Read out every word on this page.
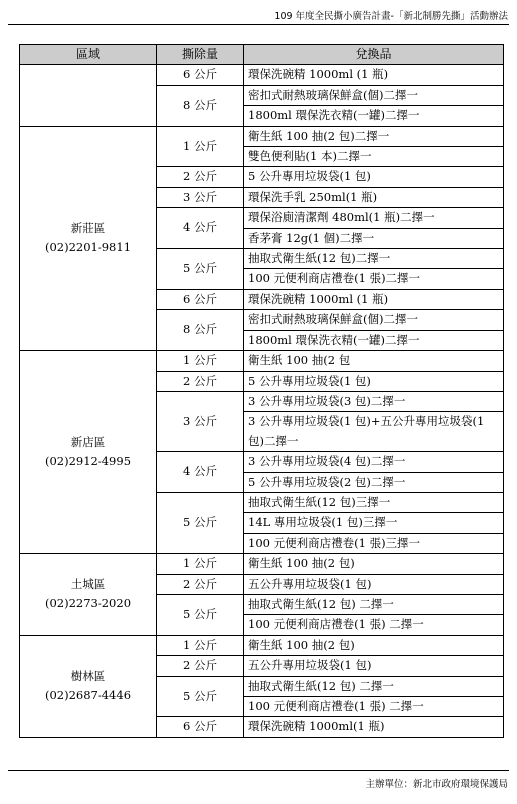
109 年度全民撕小廣告計畫-「新北制勝先撕」活動辦法
區域	撕除量	兌換品

	6 公斤	環保洗碗精 1000ml (1 瓶)
	8 公斤	密扣式耐熱玻璃保鮮盒(個)二擇一
		1800ml 環保洗衣精(一罐)二擇一

新莊區
(02)2201-9811	1 公斤	衛生紙 100 抽(2 包)二擇一
		雙色便利貼(1 本)二擇一
	2 公斤	5 公升專用垃圾袋(1 包)
	3 公斤	環保洗手乳 250ml(1 瓶)
	4 公斤	環保浴廁清潔劑 480ml(1 瓶)二擇一
		香茅膏 12g(1 個)二擇一
	5 公斤	抽取式衛生紙(12 包)二擇一
		100 元便利商店禮卷(1 張)二擇一
	6 公斤	環保洗碗精 1000ml (1 瓶)
	8 公斤	密扣式耐熱玻璃保鮮盒(個)二擇一
		1800ml 環保洗衣精(一罐)二擇一

新店區
(02)2912-4995	1 公斤	衛生紙 100 抽(2 包
	2 公斤	5 公升專用垃圾袋(1 包)
	3 公斤	3 公升專用垃圾袋(3 包)二擇一
		3 公升專用垃圾袋(1 包)+五公升專用垃圾袋(1 包)二擇一
	4 公斤	3 公升專用垃圾袋(4 包)二擇一
		5 公升專用垃圾袋(2 包)二擇一
	5 公斤	抽取式衛生紙(12 包)三擇一
		14L 專用垃圾袋(1 包)三擇一
		100 元便利商店禮卷(1 張)三擇一

土城區
(02)2273-2020	1 公斤	衛生紙 100 抽(2 包)
	2 公斤	五公升專用垃圾袋(1 包)
	5 公斤	抽取式衛生紙(12 包) 二擇一
		100 元便利商店禮卷(1 張) 二擇一

樹林區
(02)2687-4446	1 公斤	衛生紙 100 抽(2 包)
	2 公斤	五公升專用垃圾袋(1 包)
	5 公斤	抽取式衛生紙(12 包) 二擇一
		100 元便利商店禮卷(1 張) 二擇一
	6 公斤	環保洗碗精 1000ml(1 瓶)
主辦單位：新北市政府環境保護局
